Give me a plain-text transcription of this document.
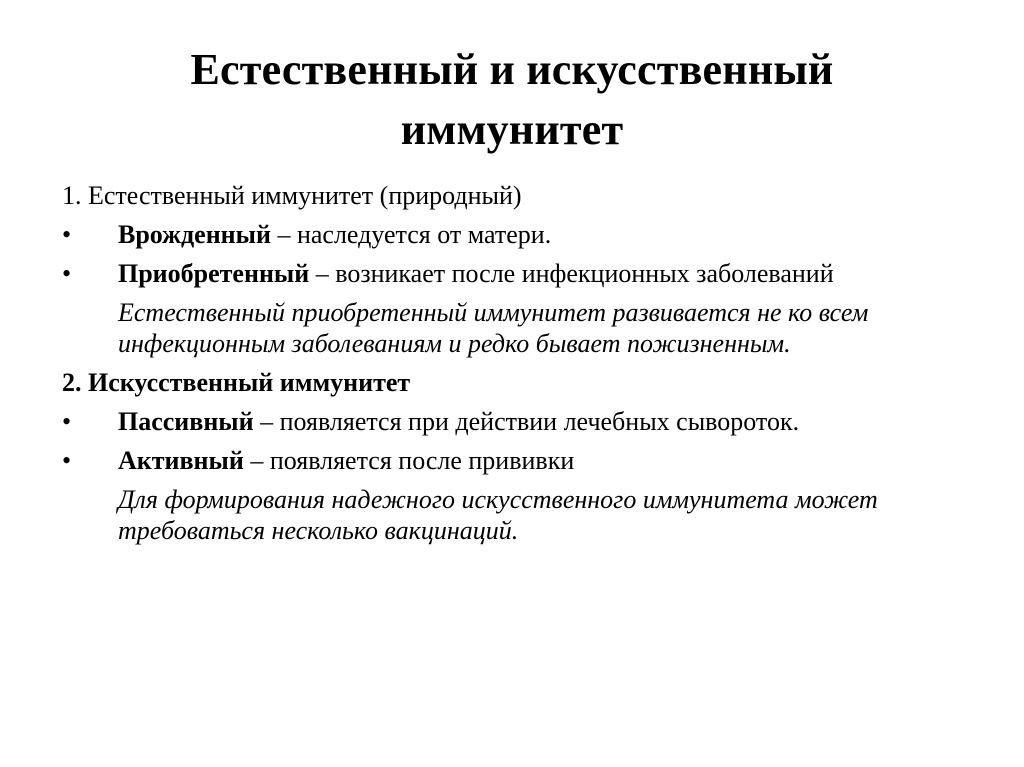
Естественный и искусственный
иммунитет
1. Естественный иммунитет (природный)
•	Врожденный – наследуется от матери.
•	Приобретенный – возникает после инфекционных заболеваний
Естественный приобретенный иммунитет развивается не ко всем инфекционным заболеваниям и редко бывает пожизненным.
2. Искусственный иммунитет
•	Пассивный – появляется при действии лечебных сывороток.
•	Активный – появляется после прививки
Для формирования надежного искусственного иммунитета может требоваться несколько вакцинаций.
